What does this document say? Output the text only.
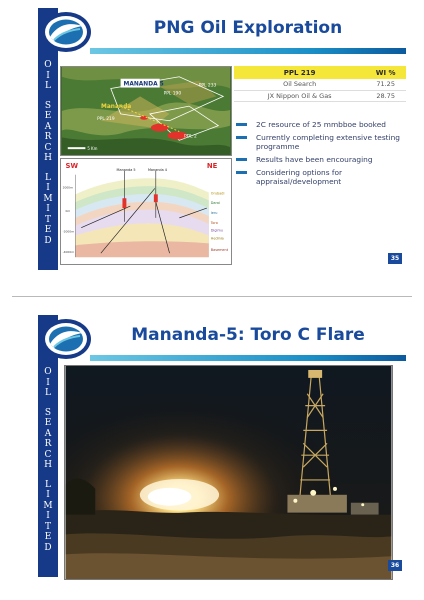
O
I
L
S
E
A
R
C
H
L
I
M
I
T
E
D
PNG Oil Exploration
MANANDA 5
Mananda
PPL 219
PPL 190
PPL 233
PDL 2
5 Km
SW	NE
Mananda 5	Mananda 4
2000m
0m
-2000m
-4000m
Orubadi
Darai
Ieru
Toro
Digimu
Hedinia
Basement
PPL 219	WI %
Oil Search	71.25
JX Nippon Oil & Gas	28.75
2C resource of 25 mmbboe booked
Currently completing extensive testing programme
Results have been encouraging
Considering options for appraisal/development
35
O
I
L
S
E
A
R
C
H
L
I
M
I
T
E
D
Mananda-5: Toro C Flare
36
